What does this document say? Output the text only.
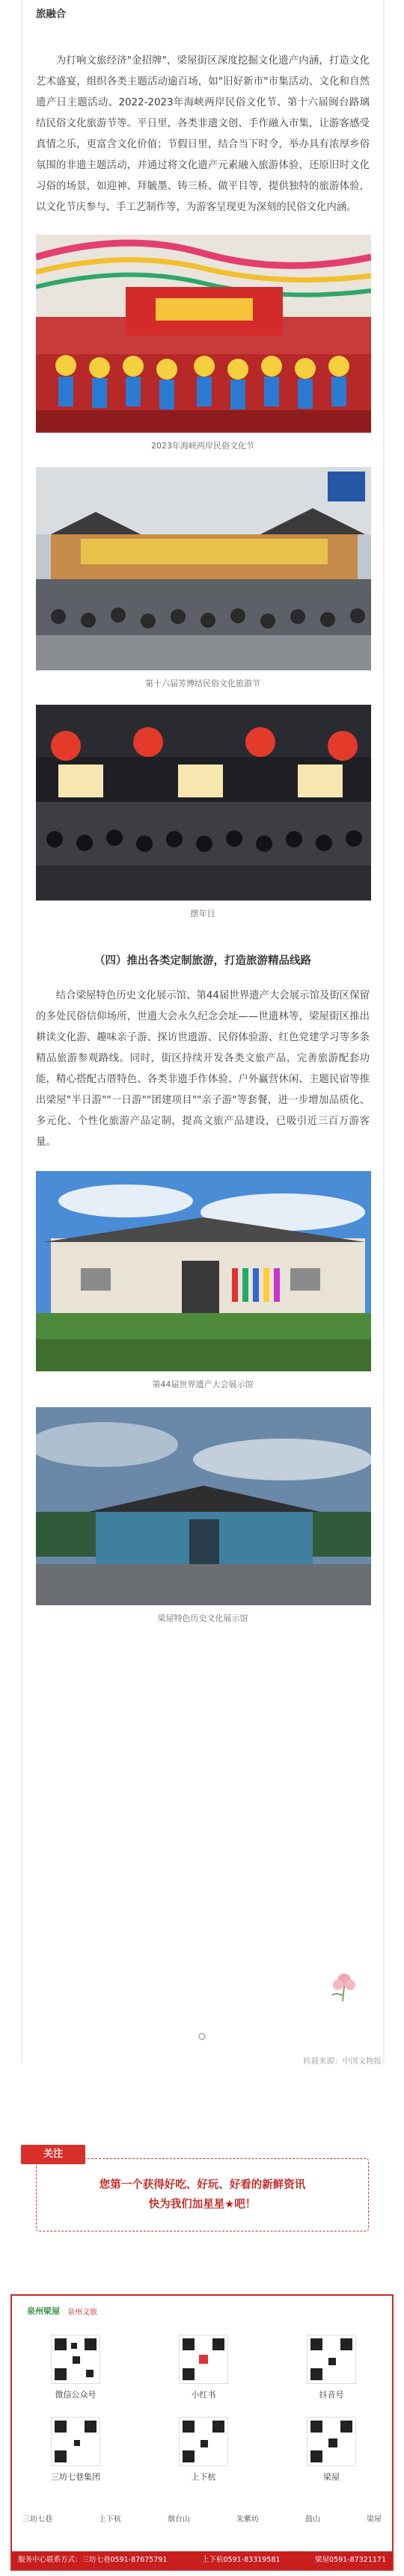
旅融合

为打响文旅经济"金招牌"，梁屋街区深度挖掘文化遗产内涵，打造文化艺术盛宴，组织各类主题活动逾百场，如"旧好新市"市集活动、文化和自然遗产日主题活动、2022-2023年海峡两岸民俗文化节、第十六届闽台路璃结民俗文化旅游节等。平日里，各类非遗文创、手作融入市集，让游客感受真情之乐，更富含文化价值；节假日里，结合当下时令，举办具有浓厚乡俗氛围的非遗主题活动，并通过将文化遗产元素融入旅游体验，还原旧时文化习俗的场景，如迎神、拜毓墨、铸三桥、做平目等，提供独特的旅游体验，以文化节庆参与、手工艺制作等，为游客呈现更为深刻的民俗文化内涵。

2023年海峡两岸民俗文化节
第十六届芳博结民俗文化旅游节
摆年目
（四）推出各类定制旅游，打造旅游精品线路

结合梁屋特色历史文化展示馆、第44届世界遗产大会展示馆及街区保留的多处民俗信仰场所，世遗大会永久纪念会址——世遗林等，梁屋街区推出耕读文化游、趣味亲子游、探访世遗游、民俗体验游、红色党建学习等多条精品旅游参观路线。同时，街区持续开发各类文旅产品，完善旅游配套功能，精心搭配古厝特色、各类非遗手作体验、户外赢营休闲、主题民宿等推出梁屋"半日游""一日游""团建项目""亲子游"等套餐，进一步增加品质化、多元化、个性化旅游产品定制，提高文旅产品建设，已吸引近三百万游客量。

第44届世界遗产大会展示馆
梁屋特色历史文化展示馆
转载来源：中国文物报
您第一个获得好吃、好玩、好看的新鲜资讯
快为我们加星星★吧！
关注
泉州梁屋 泉州文旅
微信公众号	小红书	抖音号
三坊七巷集团	上下杭	梁屋
三坊七巷	上下杭	烟台山	朱紫坊	鼓山	梁屋
服务中心联系方式：三坊七巷0591-87675791	上下杭0591-83319581	梁屋0591-87321171
